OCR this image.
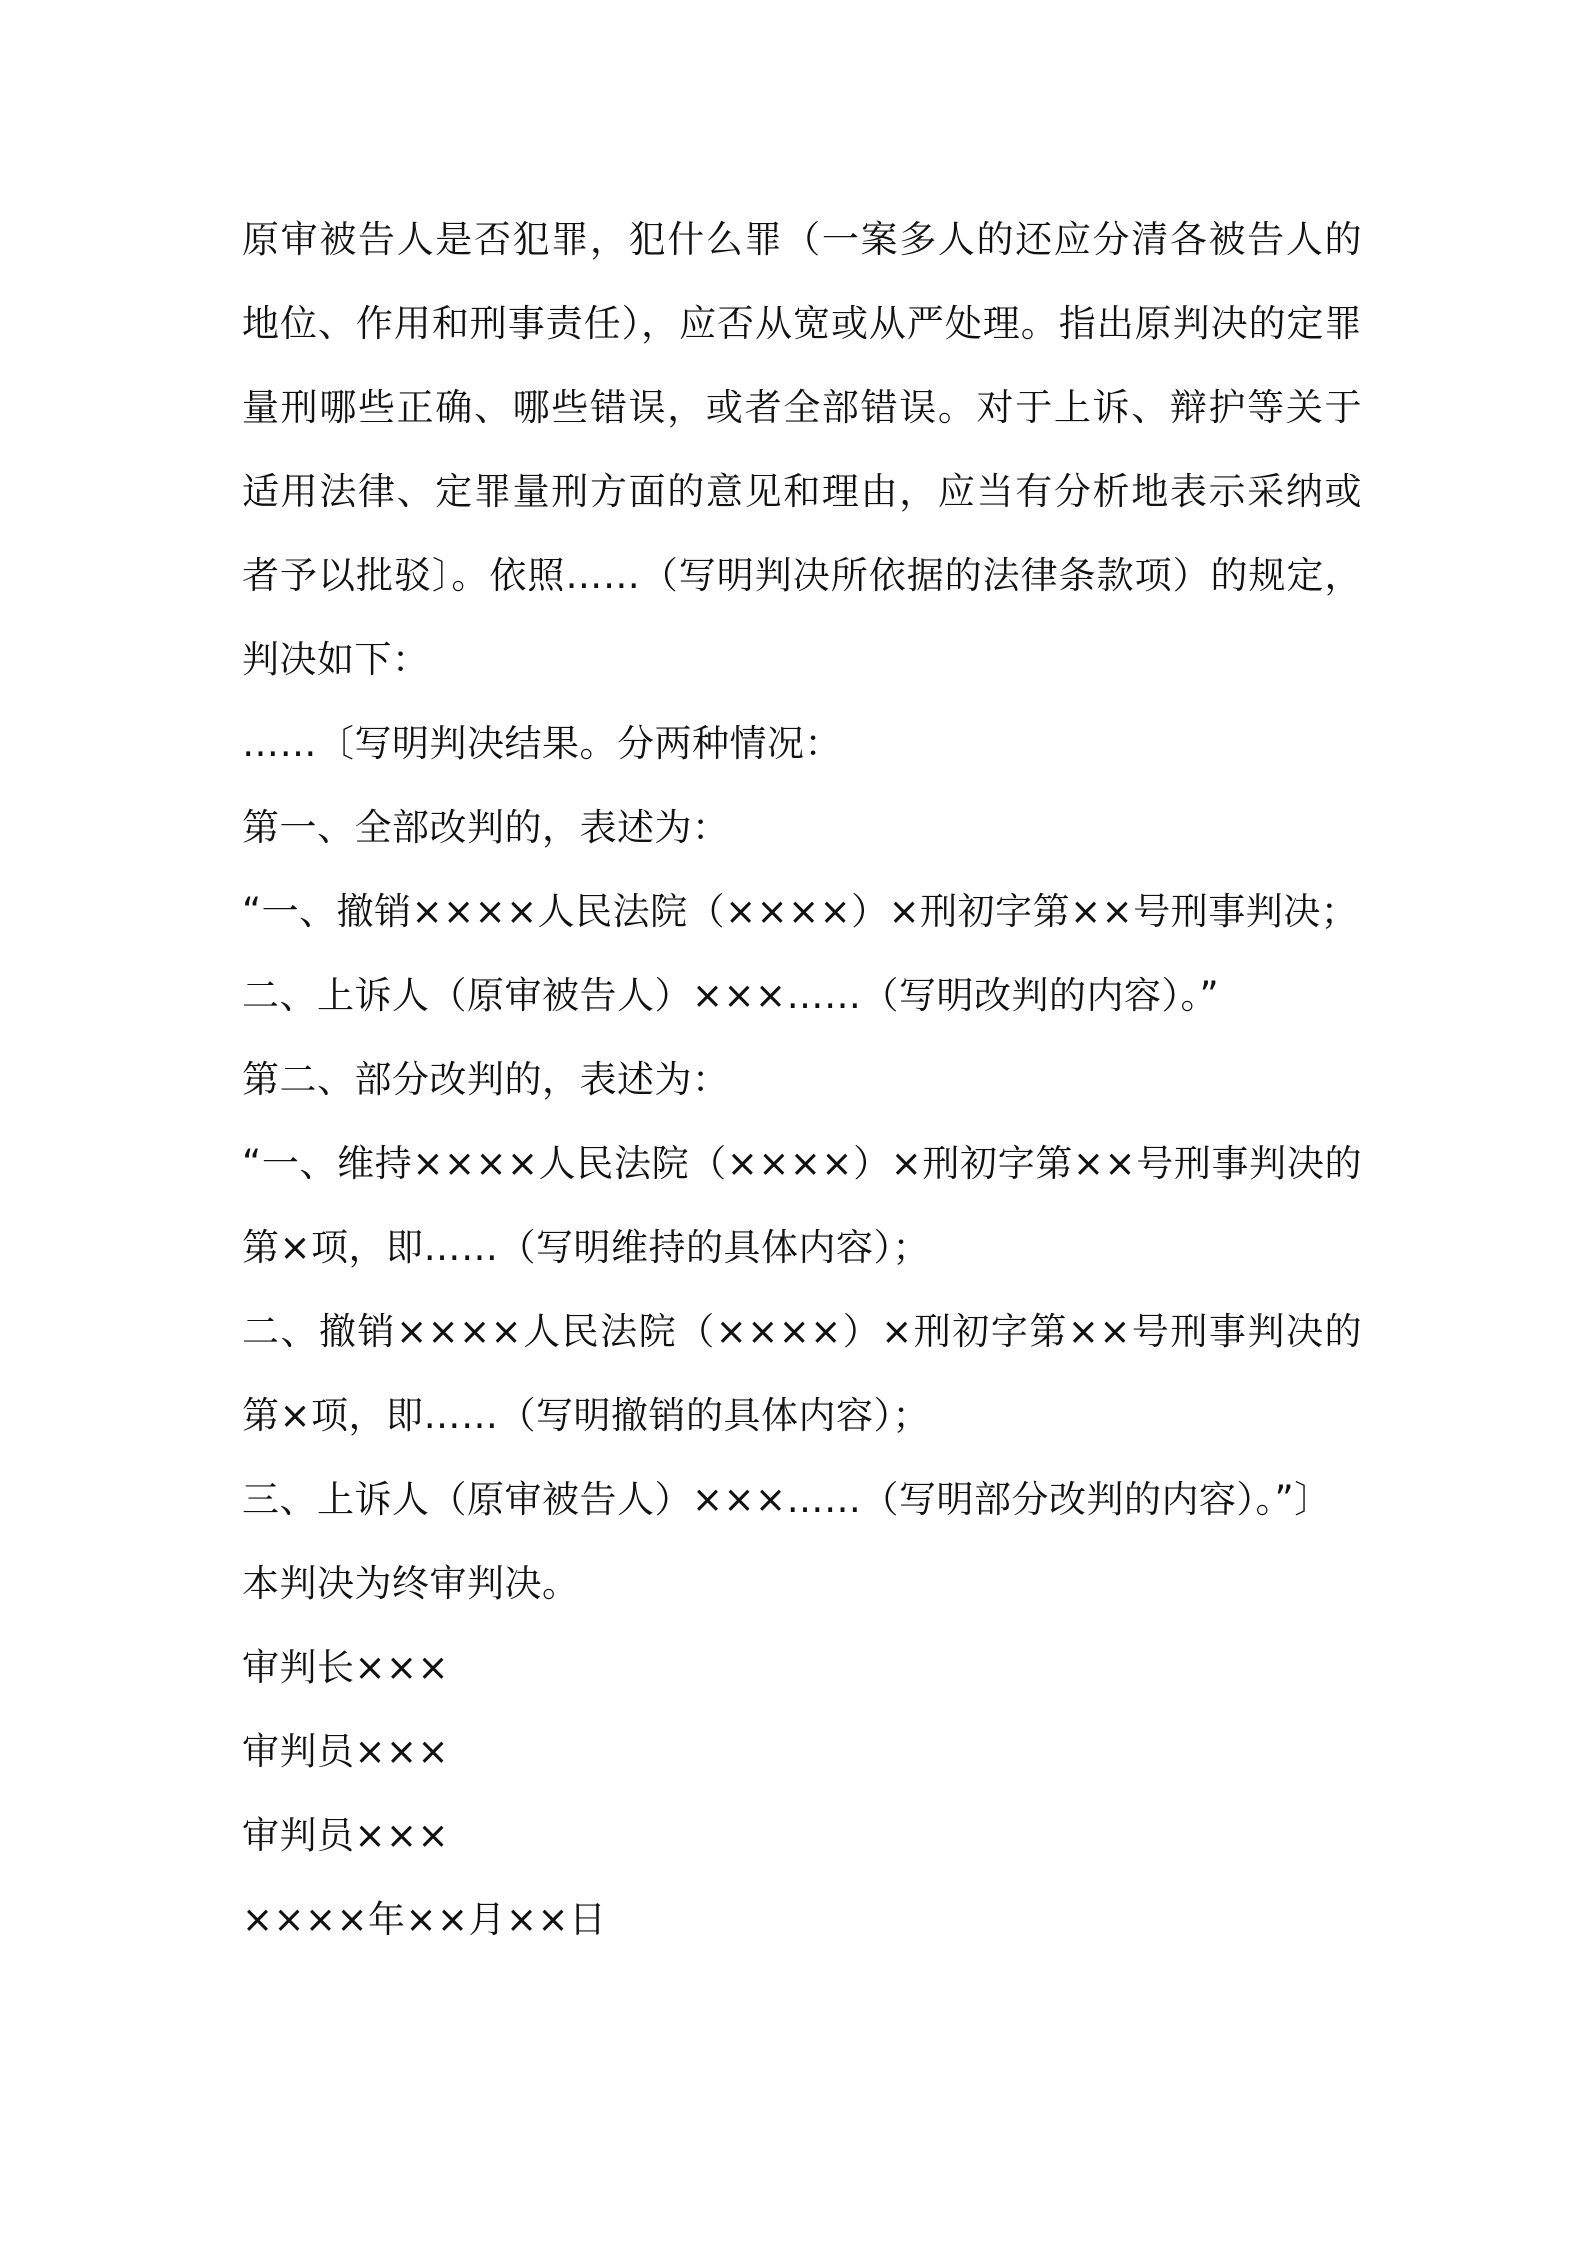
原审被告人是否犯罪，犯什么罪（一案多人的还应分清各被告人的地位、作用和刑事责任），应否从宽或从严处理。指出原判决的定罪量刑哪些正确、哪些错误，或者全部错误。对于上诉、辩护等关于适用法律、定罪量刑方面的意见和理由，应当有分析地表示采纳或者予以批驳〕。依照……（写明判决所依据的法律条款项）的规定，判决如下：

……〔写明判决结果。分两种情况：

第一、全部改判的，表述为：

“一、撤销××××人民法院（××××）×刑初字第××号刑事判决；

二、上诉人（原审被告人）×××……（写明改判的内容）。”

第二、部分改判的，表述为：

“一、维持××××人民法院（××××）×刑初字第××号刑事判决的第×项，即……（写明维持的具体内容）；

二、撤销××××人民法院（××××）×刑初字第××号刑事判决的第×项，即……（写明撤销的具体内容）；

三、上诉人（原审被告人）×××……（写明部分改判的内容）。”〕

本判决为终审判决。

审判长×××

审判员×××

审判员×××

××××年××月××日
